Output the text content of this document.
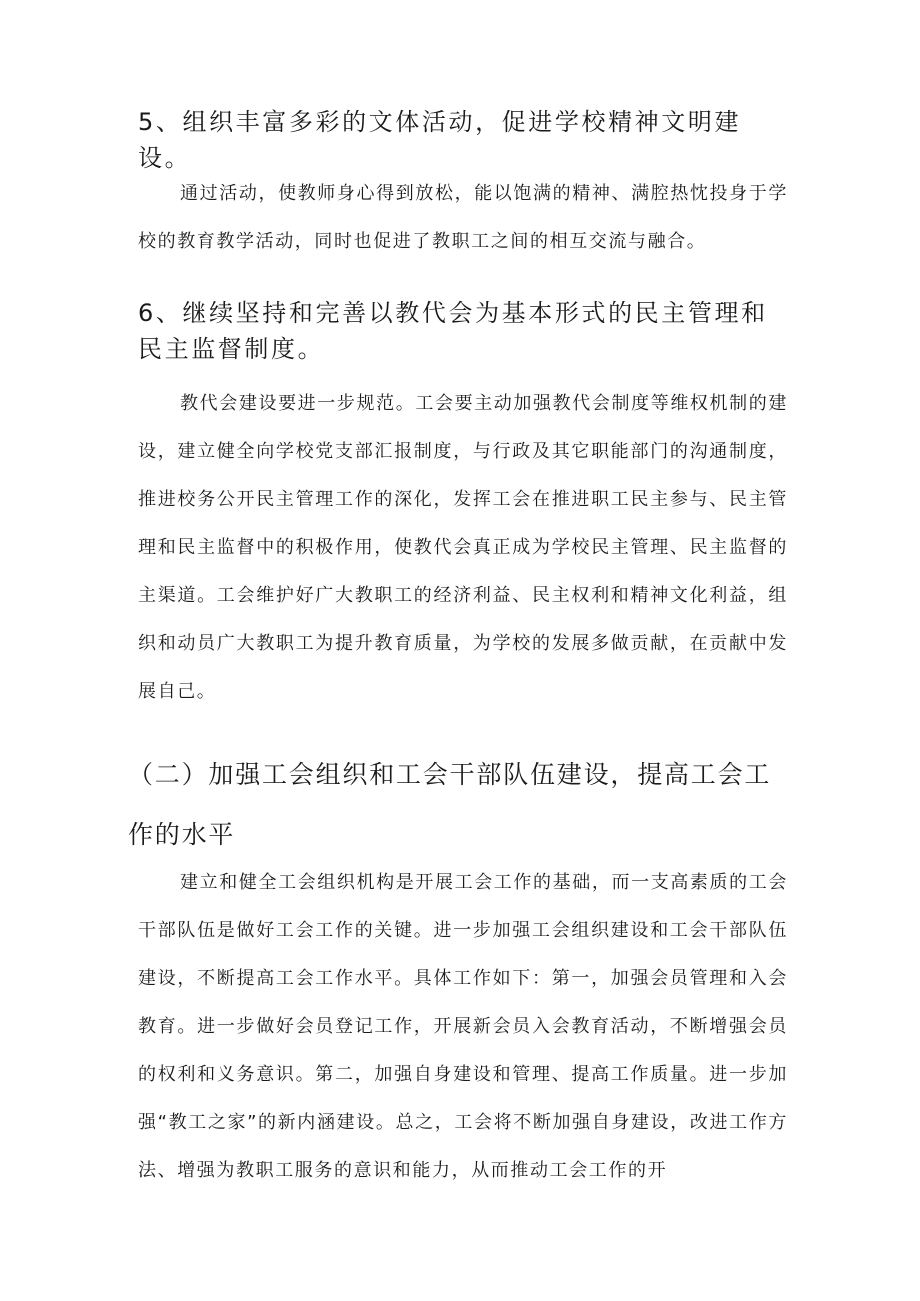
5、组织丰富多彩的文体活动，促进学校精神文明建设。

通过活动，使教师身心得到放松，能以饱满的精神、满腔热忱投身于学校的教育教学活动，同时也促进了教职工之间的相互交流与融合。

6、继续坚持和完善以教代会为基本形式的民主管理和民主监督制度。

教代会建设要进一步规范。工会要主动加强教代会制度等维权机制的建设，建立健全向学校党支部汇报制度，与行政及其它职能部门的沟通制度，推进校务公开民主管理工作的深化，发挥工会在推进职工民主参与、民主管理和民主监督中的积极作用，使教代会真正成为学校民主管理、民主监督的主渠道。工会维护好广大教职工的经济利益、民主权利和精神文化利益，组织和动员广大教职工为提升教育质量，为学校的发展多做贡献，在贡献中发展自己。

（二）加强工会组织和工会干部队伍建设，提高工会工作的水平

建立和健全工会组织机构是开展工会工作的基础，而一支高素质的工会干部队伍是做好工会工作的关键。进一步加强工会组织建设和工会干部队伍建设，不断提高工会工作水平。具体工作如下：第一，加强会员管理和入会教育。进一步做好会员登记工作，开展新会员入会教育活动，不断增强会员的权利和义务意识。第二，加强自身建设和管理、提高工作质量。进一步加强“教工之家”的新内涵建设。总之，工会将不断加强自身建设，改进工作方法、增强为教职工服务的意识和能力，从而推动工会工作的开
